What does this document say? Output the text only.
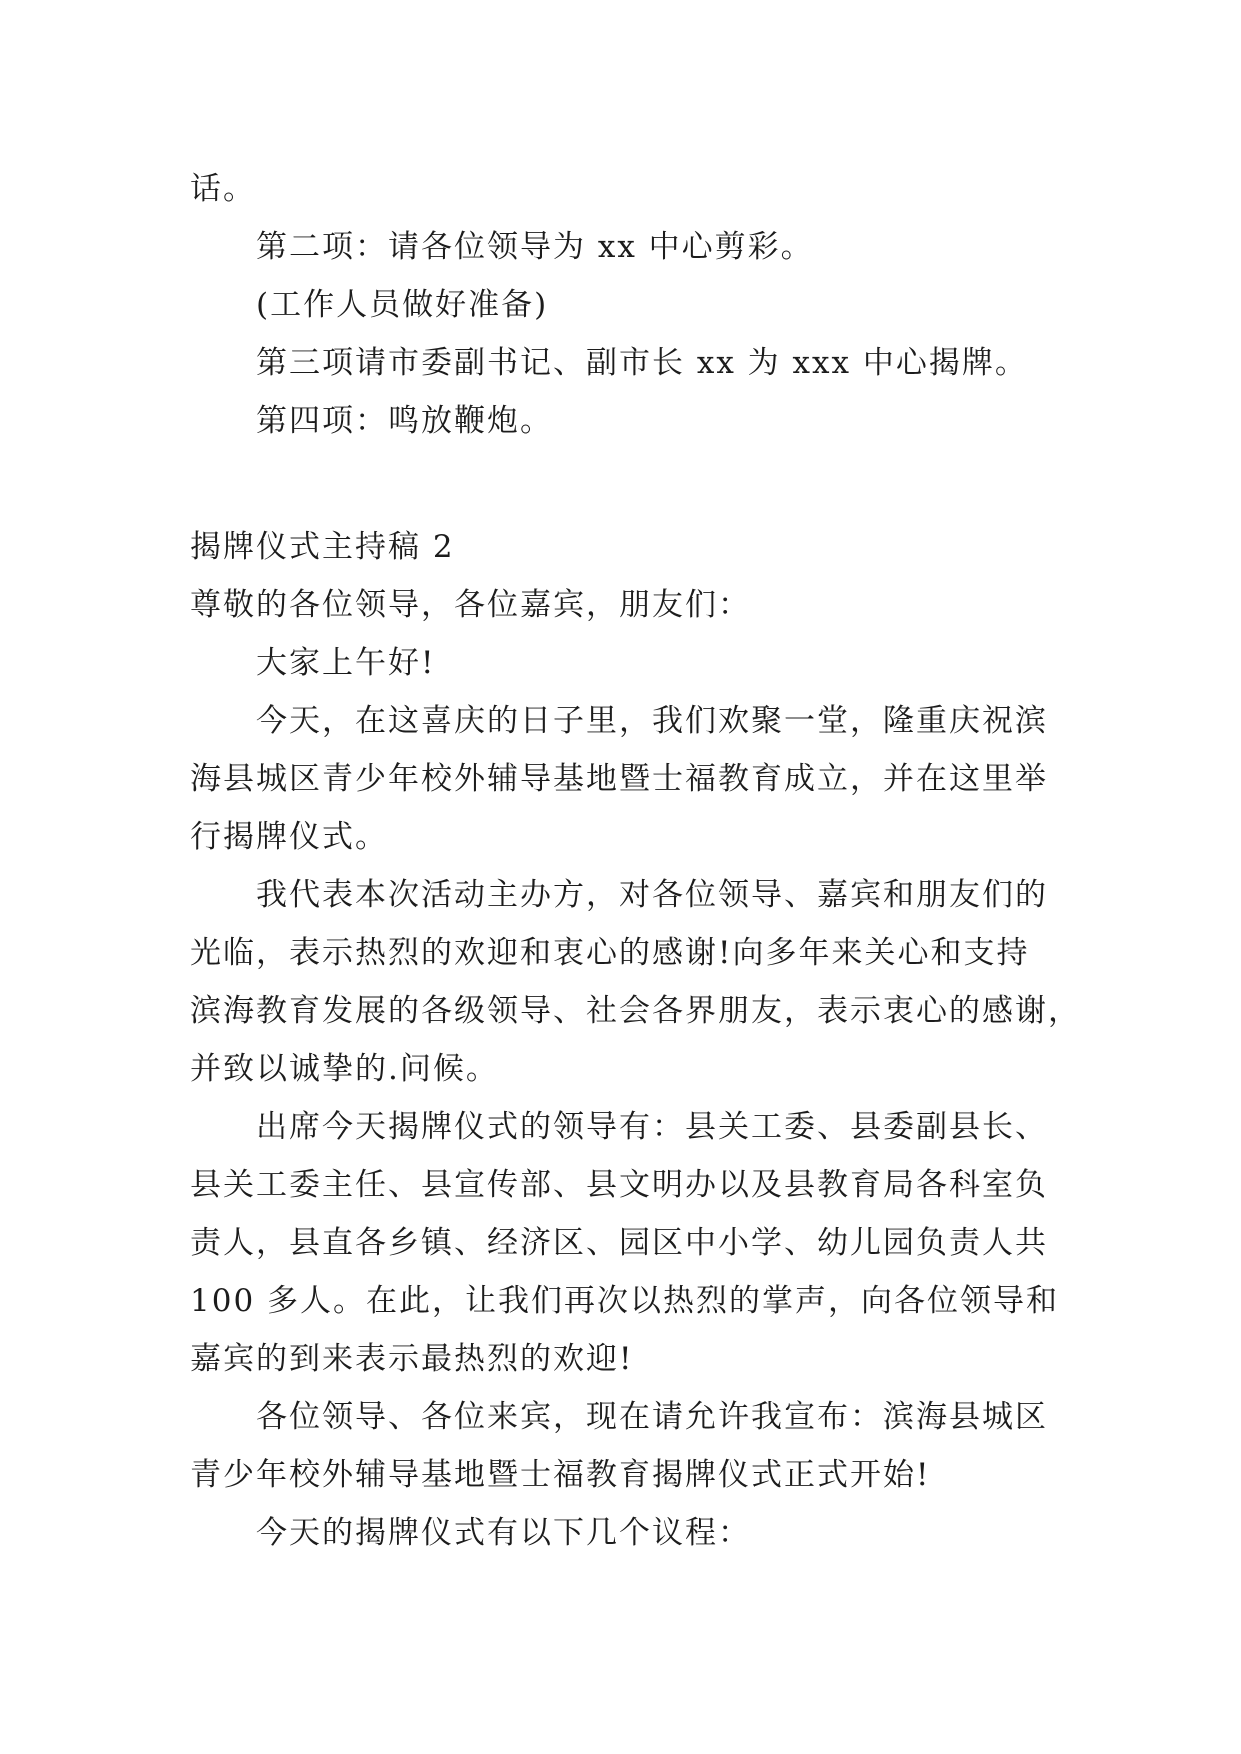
话。
第二项：请各位领导为 xx 中心剪彩。
(工作人员做好准备)
第三项请市委副书记、副市长 xx 为 xxx 中心揭牌。
第四项：鸣放鞭炮。
揭牌仪式主持稿 2
尊敬的各位领导，各位嘉宾，朋友们：
大家上午好!
今天，在这喜庆的日子里，我们欢聚一堂，隆重庆祝滨
海县城区青少年校外辅导基地暨士福教育成立，并在这里举
行揭牌仪式。
我代表本次活动主办方，对各位领导、嘉宾和朋友们的
光临，表示热烈的欢迎和衷心的感谢!向多年来关心和支持
滨海教育发展的各级领导、社会各界朋友，表示衷心的感谢，
并致以诚挚的.问候。
出席今天揭牌仪式的领导有：县关工委、县委副县长、
县关工委主任、县宣传部、县文明办以及县教育局各科室负
责人，县直各乡镇、经济区、园区中小学、幼儿园负责人共
100 多人。在此，让我们再次以热烈的掌声，向各位领导和
嘉宾的到来表示最热烈的欢迎!
各位领导、各位来宾，现在请允许我宣布：滨海县城区
青少年校外辅导基地暨士福教育揭牌仪式正式开始!
今天的揭牌仪式有以下几个议程：
